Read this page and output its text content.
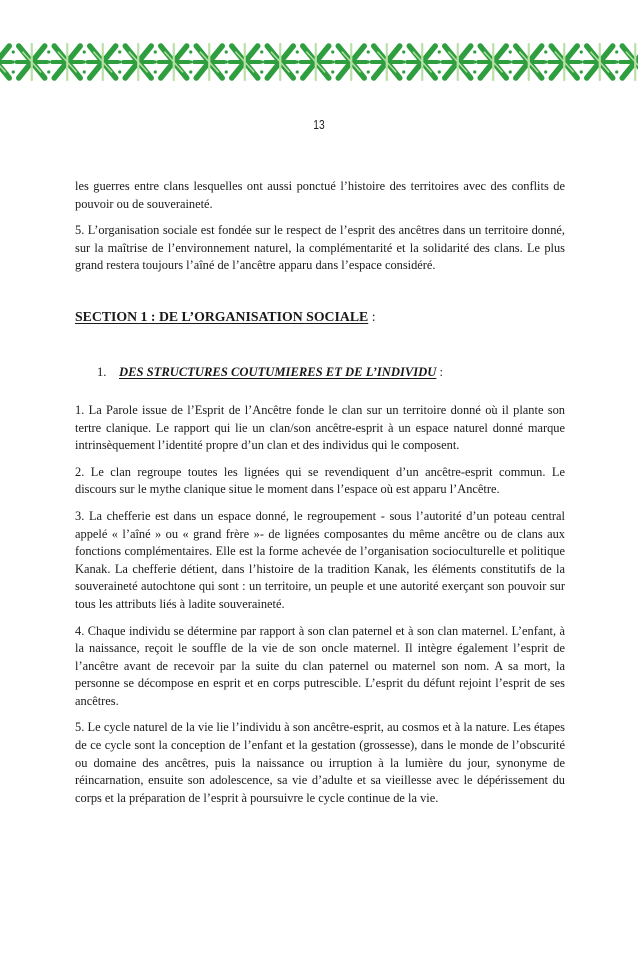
13

les guerres entre clans lesquelles ont aussi ponctué l’histoire des territoires avec des conflits de pouvoir ou de souveraineté.

5. L’organisation sociale est fondée sur le respect de l’esprit des ancêtres dans un territoire donné, sur la maîtrise de l’environnement naturel, la complémentarité et la solidarité des clans. Le plus grand restera toujours l’aîné de l’ancêtre apparu dans l’espace considéré.

SECTION 1 : DE L’ORGANISATION SOCIALE :
1. DES STRUCTURES COUTUMIERES ET DE L’INDIVIDU :

1. La Parole issue de l’Esprit de l’Ancêtre fonde le clan sur un territoire donné où il plante son tertre clanique. Le rapport qui lie un clan/son ancêtre-esprit à un espace naturel donné marque intrinsèquement l’identité propre d’un clan et des individus qui le composent.

2. Le clan regroupe toutes les lignées qui se revendiquent d’un ancêtre-esprit commun. Le discours sur le mythe clanique situe le moment dans l’espace où est apparu l’Ancêtre.

3. La chefferie est dans un espace donné, le regroupement - sous l’autorité d’un poteau central appelé « l’aîné » ou « grand frère »- de lignées composantes du même ancêtre ou de clans aux fonctions complémentaires. Elle est la forme achevée de l’organisation socioculturelle et politique Kanak. La chefferie détient, dans l’histoire de la tradition Kanak, les éléments constitutifs de la souveraineté autochtone qui sont : un territoire, un peuple et une autorité exerçant son pouvoir sur tous les attributs liés à ladite souveraineté.

4. Chaque individu se détermine par rapport à son clan paternel et à son clan maternel. L’enfant, à la naissance, reçoit le souffle de la vie de son oncle maternel. Il intègre également l’esprit de l’ancêtre avant de recevoir par la suite du clan paternel ou maternel son nom. A sa mort, la personne se décompose en esprit et en corps putrescible. L’esprit du défunt rejoint l’esprit de ses ancêtres.

5. Le cycle naturel de la vie lie l’individu à son ancêtre-esprit, au cosmos et à la nature. Les étapes de ce cycle sont la conception de l’enfant et la gestation (grossesse), dans le monde de l’obscurité ou domaine des ancêtres, puis la naissance ou irruption à la lumière du jour, synonyme de réincarnation, ensuite son adolescence, sa vie d’adulte et sa vieillesse avec le dépérissement du corps et la préparation de l’esprit à poursuivre le cycle continue de la vie.
